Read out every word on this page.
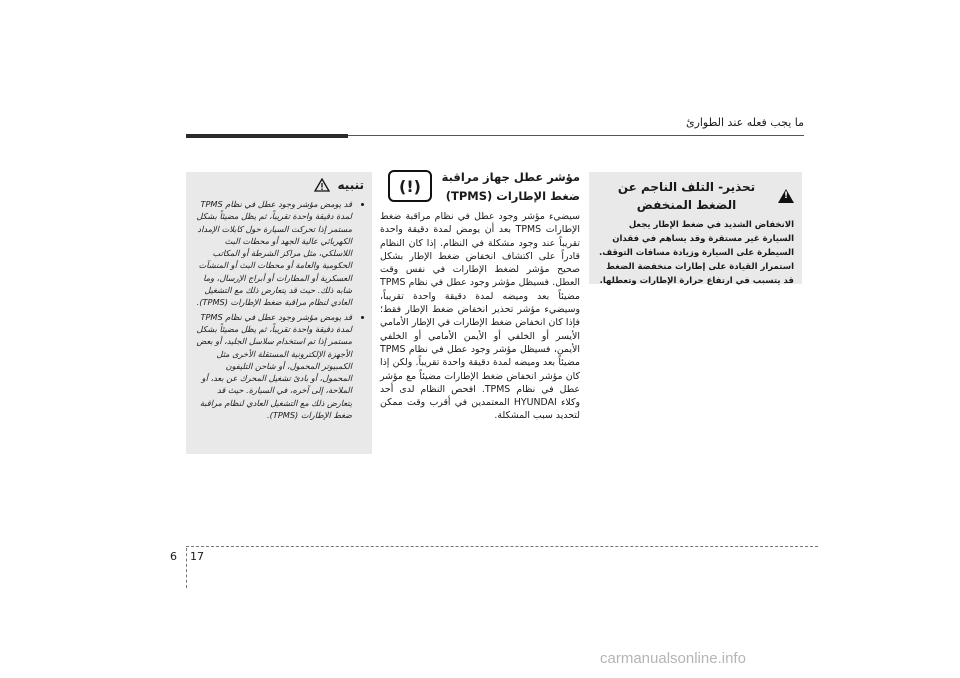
ما يجب فعله عند الطوارئ
!
تحذير- التلف الناجم عن الضغط المنخفض
الانخفاض الشديد في ضغط الإطار يجعل السيارة غير مستقرة وقد يساهم في فقدان السيطرة على السيارة وزيادة مسافات التوقف. استمرار القيادة على إطارات منخفضة الضغط قد يتسبب في ارتفاع حرارة الإطارات وتعطلها.
(!)	مؤشر عطل جهاز مراقبة ضغط الإطارات (TPMS)
سيضيء مؤشر وجود عطل في نظام مراقبة ضغط الإطارات TPMS بعد أن يومض لمدة دقيقة واحدة تقريباً عند وجود مشكلة في النظام. إذا كان النظام قادراً على اكتشاف انخفاض ضغط الإطار بشكل صحيح مؤشر لضغط الإطارات في نفس وقت العطل. فسيظل مؤشر وجود عطل في نظام TPMS مضيئاً بعد وميضه لمدة دقيقة واحدة تقريباً، وسيضيء مؤشر تحذير انخفاض ضغط الإطار فقط؛ فإذا كان انخفاض ضغط الإطارات في الإطار الأمامي الأيسر أو الخلفي أو الأيمن الأمامي أو الخلفي الأيمن، فسيظل مؤشر وجود عطل في نظام TPMS مضيئاً بعد وميضه لمدة دقيقة واحدة تقريباً. ولكن إذا كان مؤشر انخفاض ضغط الإطارات مضيئاً مع مؤشر عطل في نظام TPMS. افحص النظام لدى أحد وكلاء HYUNDAI المعتمدين في أقرب وقت ممكن لتحديد سبب المشكلة.
تنبيه
• قد يومض مؤشر وجود عطل في نظام TPMS لمدة دقيقة واحدة تقريباً، ثم يظل مضيئاً بشكل مستمر إذا تحركت السيارة حول كابلات الإمداد الكهربائي عالية الجهد أو محطات البث اللاسلكي، مثل مراكز الشرطة أو المكاتب الحكومية والعامة أو محطات البث أو المنشآت العسكرية أو المطارات أو أبراج الإرسال، وما شابه ذلك. حيث قد يتعارض ذلك مع التشغيل العادي لنظام مراقبة ضغط الإطارات (TPMS).
• قد يومض مؤشر وجود عطل في نظام TPMS لمدة دقيقة واحدة تقريباً، ثم يظل مضيئاً بشكل مستمر إذا تم استخدام سلاسل الجليد، أو بعض الأجهزة الإلكترونية المستقلة الأخرى مثل الكمبيوتر المحمول، أو شاحن التليفون المحمول، أو بادئ تشغيل المحرك عن بعد، أو الملاحة، إلى آخره، في السيارة. حيث قد يتعارض ذلك مع التشغيل العادي لنظام مراقبة ضغط الإطارات (TPMS).
6 17
carmanualsonline.info
